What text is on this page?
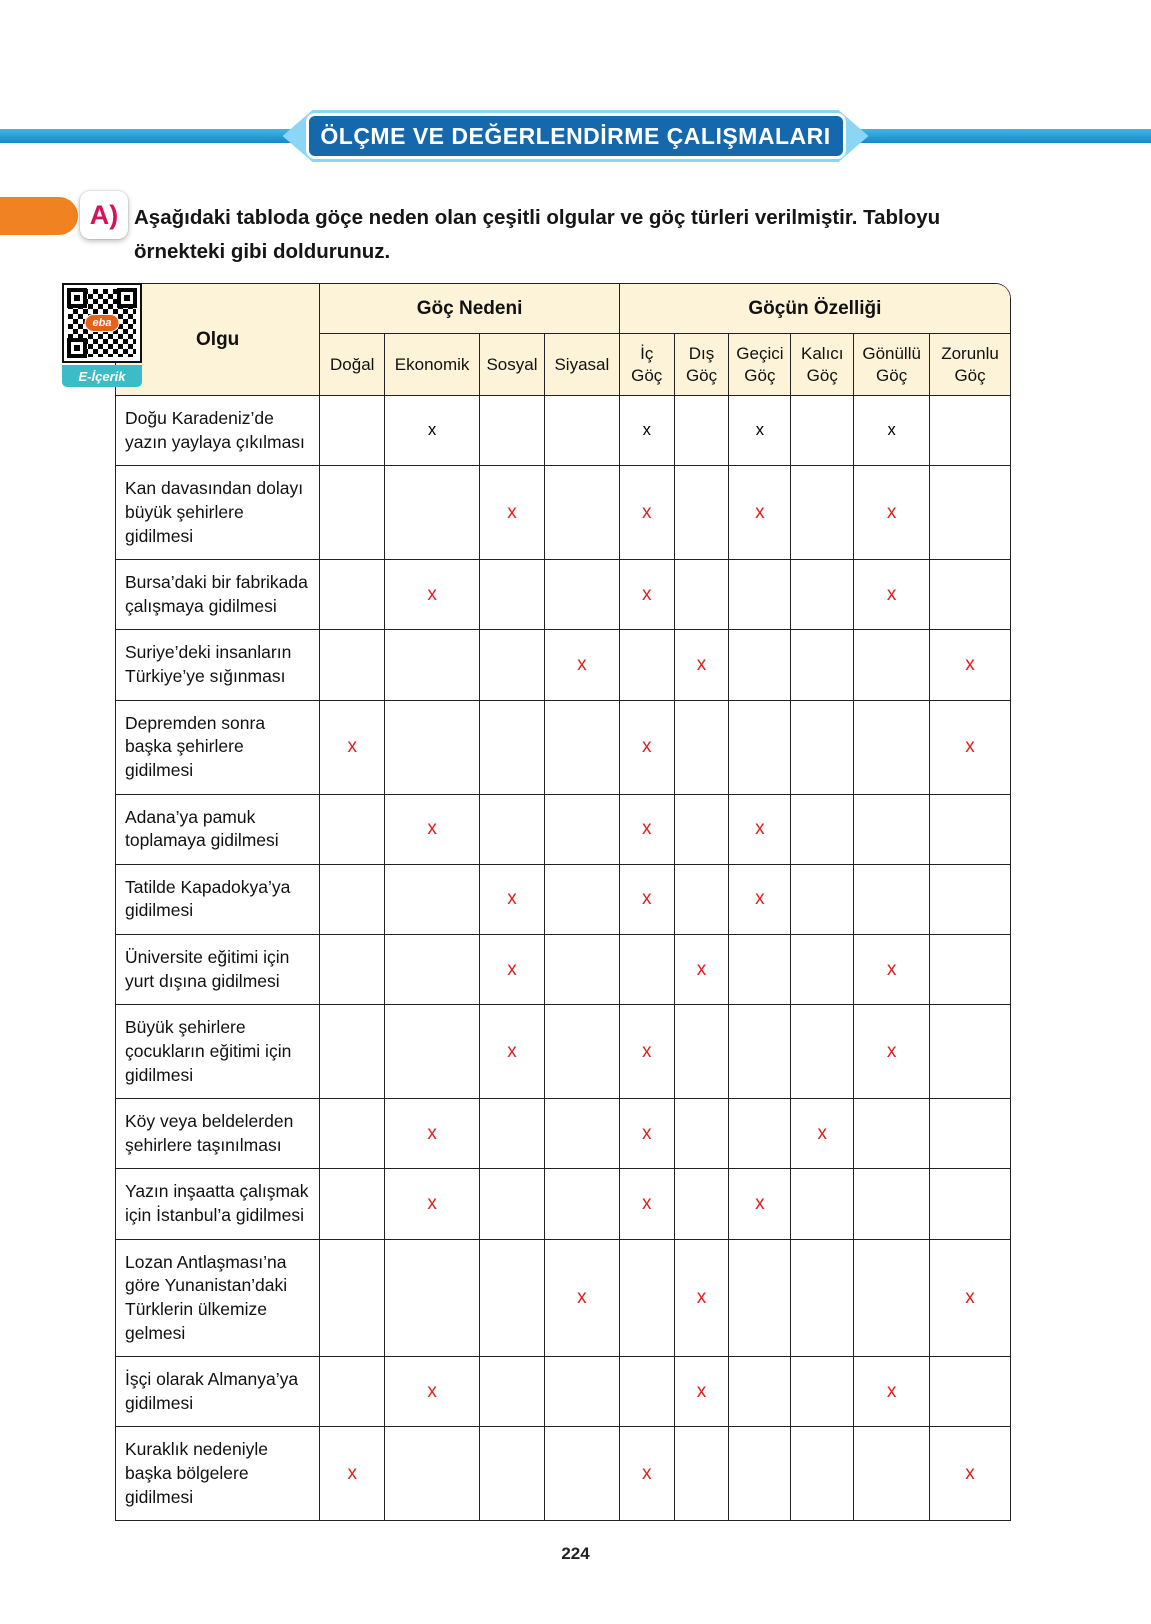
ÖLÇME VE DEĞERLENDİRME ÇALIŞMALARI
A) Aşağıdaki tabloda göçe neden olan çeşitli olgular ve göç türleri verilmiştir. Tabloyu örnekteki gibi doldurunuz.
eba
E-İçerik
Olgu	Göç Nedeni				Göçün Özelliği					
	Doğal	Ekonomik	Sosyal	Siyasal	İç Göç	Dış Göç	Geçici Göç	Kalıcı Göç	Gönüllü Göç	Zorunlu Göç
Doğu Karadeniz’de yazın yaylaya çıkılması		x			x		x		x	
Kan davasından dolayı büyük şehirlere gidilmesi			x		x		x		x	
Bursa’daki bir fabrikada çalışmaya gidilmesi		x			x				x	
Suriye’deki insanların Türkiye’ye sığınması				x		x				x
Depremden sonra başka şehirlere gidilmesi	x				x					x
Adana’ya pamuk toplamaya gidilmesi		x			x		x			
Tatilde Kapadokya’ya gidilmesi			x		x		x			
Üniversite eğitimi için yurt dışına gidilmesi			x			x			x	
Büyük şehirlere çocukların eğitimi için gidilmesi			x		x				x	
Köy veya beldelerden şehirlere taşınılması		x			x			x		
Yazın inşaatta çalışmak için İstanbul’a gidilmesi		x			x		x			
Lozan Antlaşması’na göre Yunanistan’daki Türklerin ülkemize gelmesi				x		x				x
İşçi olarak Almanya’ya gidilmesi		x				x			x	
Kuraklık nedeniyle başka bölgelere gidilmesi	x				x					x
224
